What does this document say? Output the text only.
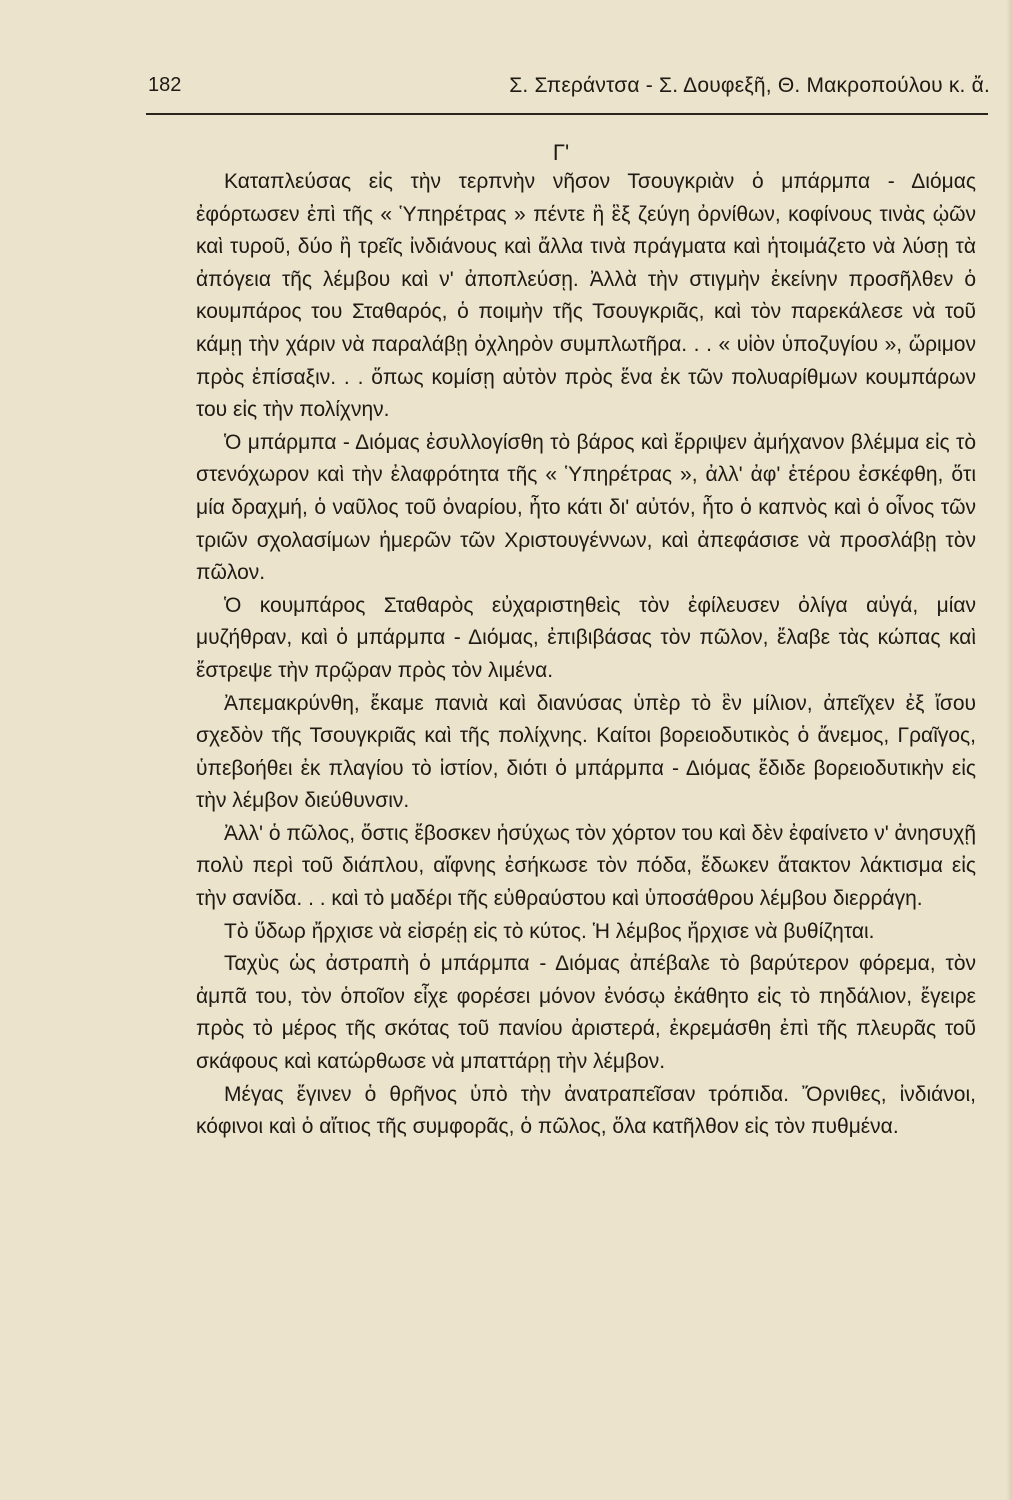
182	Σ. Σπεράντσα - Σ. Δουφεξῆ, Θ. Μακροπούλου κ. ἄ.
Γ'

Καταπλεύσας εἰς τὴν τερπνὴν νῆσον Τσουγκριὰν ὁ μπάρμπα - Διόμας ἐφόρτωσεν ἐπὶ τῆς « Ὑπηρέτρας » πέντε ἢ ἓξ ζεύγη ὀρνίθων, κοφίνους τινὰς ᾠῶν καὶ τυροῦ, δύο ἢ τρεῖς ἰνδιάνους καὶ ἄλλα τινὰ πράγματα καὶ ἡτοιμάζετο νὰ λύσῃ τὰ ἀπόγεια τῆς λέμβου καὶ ν' ἀποπλεύσῃ. Ἀλλὰ τὴν στιγμὴν ἐκείνην προσῆλθεν ὁ κουμπάρος του Σταθαρός, ὁ ποιμὴν τῆς Τσουγκριᾶς, καὶ τὸν παρεκάλεσε νὰ τοῦ κάμῃ τὴν χάριν νὰ παραλάβῃ ὀχληρὸν συμπλωτῆρα. . . « υἱὸν ὑποζυγίου », ὥριμον πρὸς ἐπίσαξιν. . . ὅπως κομίσῃ αὐτὸν πρὸς ἕνα ἐκ τῶν πολυαρίθμων κουμπάρων του εἰς τὴν πολίχνην.

Ὁ μπάρμπα - Διόμας ἐσυλλογίσθη τὸ βάρος καὶ ἔρριψεν ἀμήχανον βλέμμα εἰς τὸ στενόχωρον καὶ τὴν ἐλαφρότητα τῆς « Ὑπηρέτρας », ἀλλ' ἀφ' ἑτέρου ἐσκέφθη, ὅτι μία δραχμή, ὁ ναῦλος τοῦ ὀναρίου, ἦτο κάτι δι' αὐτόν, ἦτο ὁ καπνὸς καὶ ὁ οἶνος τῶν τριῶν σχολασίμων ἡμερῶν τῶν Χριστουγέννων, καὶ ἀπεφάσισε νὰ προσλάβῃ τὸν πῶλον.

Ὁ κουμπάρος Σταθαρὸς εὐχαριστηθεὶς τὸν ἐφίλευσεν ὀλίγα αὐγά, μίαν μυζήθραν, καὶ ὁ μπάρμπα - Διόμας, ἐπιβιβάσας τὸν πῶλον, ἔλαβε τὰς κώπας καὶ ἔστρεψε τὴν πρῷραν πρὸς τὸν λιμένα.

Ἀπεμακρύνθη, ἔκαμε πανιὰ καὶ διανύσας ὑπὲρ τὸ ἓν μίλιον, ἀπεῖχεν ἐξ ἴσου σχεδὸν τῆς Τσουγκριᾶς καὶ τῆς πολίχνης. Καίτοι βορειοδυτικὸς ὁ ἄνεμος, Γραῖγος, ὑπεβοήθει ἐκ πλαγίου τὸ ἱστίον, διότι ὁ μπάρμπα - Διόμας ἔδιδε βορειοδυτικὴν εἰς τὴν λέμβον διεύθυνσιν.

Ἀλλ' ὁ πῶλος, ὅστις ἔβοσκεν ἡσύχως τὸν χόρτον του καὶ δὲν ἐφαίνετο ν' ἀνησυχῇ πολὺ περὶ τοῦ διάπλου, αἴφνης ἐσήκωσε τὸν πόδα, ἔδωκεν ἄτακτον λάκτισμα εἰς τὴν σανίδα. . . καὶ τὸ μαδέρι τῆς εὐθραύστου καὶ ὑποσάθρου λέμβου διερράγη.

Τὸ ὕδωρ ἤρχισε νὰ εἰσρέῃ εἰς τὸ κύτος. Ἡ λέμβος ἤρχισε νὰ βυθίζηται.

Ταχὺς ὡς ἀστραπὴ ὁ μπάρμπα - Διόμας ἀπέβαλε τὸ βαρύτερον φόρεμα, τὸν ἀμπᾶ του, τὸν ὁποῖον εἶχε φορέσει μόνον ἐνόσῳ ἐκάθητο εἰς τὸ πηδάλιον, ἔγειρε πρὸς τὸ μέρος τῆς σκότας τοῦ πανίου ἀριστερά, ἐκρεμάσθη ἐπὶ τῆς πλευρᾶς τοῦ σκάφους καὶ κατώρθωσε νὰ μπαττάρῃ τὴν λέμβον.

Μέγας ἔγινεν ὁ θρῆνος ὑπὸ τὴν ἀνατραπεῖσαν τρόπιδα. Ὄρνιθες, ἰνδιάνοι, κόφινοι καὶ ὁ αἴτιος τῆς συμφορᾶς, ὁ πῶλος, ὅλα κατῆλθον εἰς τὸν πυθμένα.
